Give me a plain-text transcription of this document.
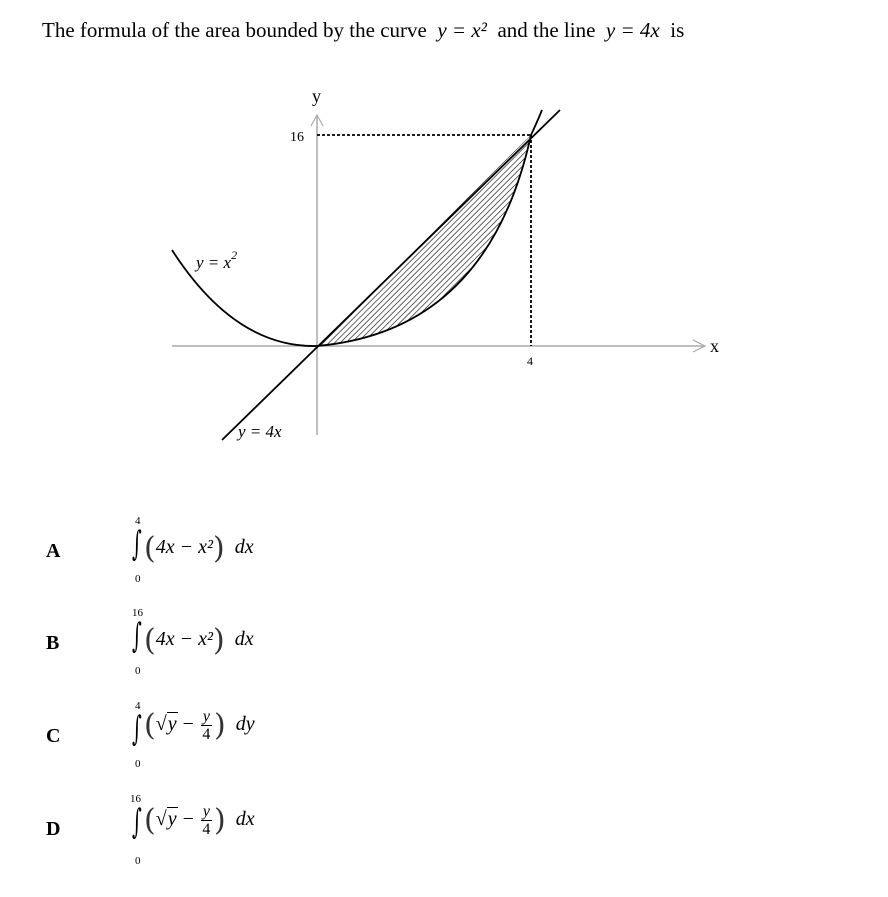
The formula of the area bounded by the curve y = x² and the line y = 4x is
y
x
16
4
$y = x^2$
y = 4x
A
4
∫
0
(4x − x²) dx
B
16
∫
0
(4x − x²) dx
C
4
∫
0
($√y - \frac{y}{4}$ ) dy
D
16
∫
0
($√y - \frac{y}{4}$ ) dx
